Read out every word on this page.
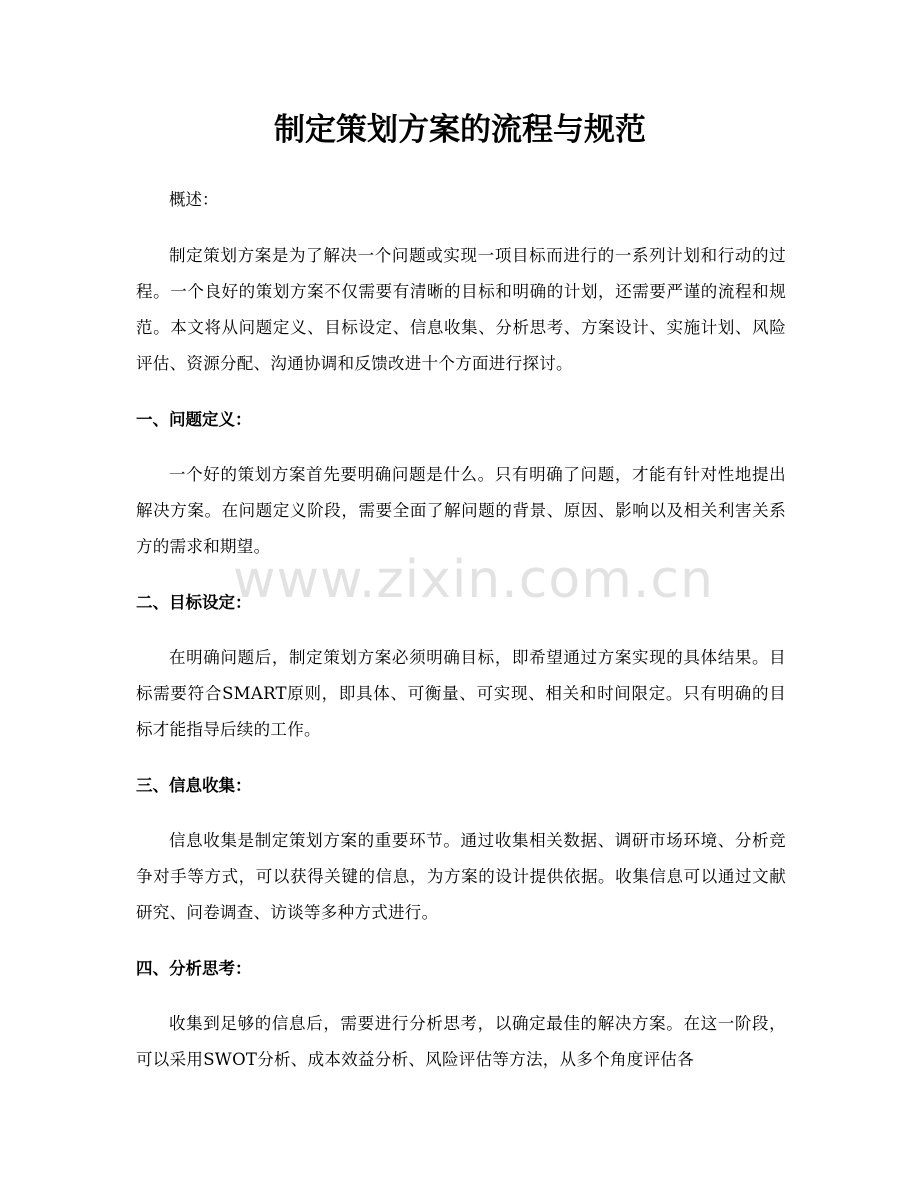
制定策划方案的流程与规范

概述：

制定策划方案是为了解决一个问题或实现一项目标而进行的一系列计划和行动的过程。一个良好的策划方案不仅需要有清晰的目标和明确的计划，还需要严谨的流程和规范。本文将从问题定义、目标设定、信息收集、分析思考、方案设计、实施计划、风险评估、资源分配、沟通协调和反馈改进十个方面进行探讨。

一、问题定义：

一个好的策划方案首先要明确问题是什么。只有明确了问题，才能有针对性地提出解决方案。在问题定义阶段，需要全面了解问题的背景、原因、影响以及相关利害关系方的需求和期望。

二、目标设定：

在明确问题后，制定策划方案必须明确目标，即希望通过方案实现的具体结果。目标需要符合SMART原则，即具体、可衡量、可实现、相关和时间限定。只有明确的目标才能指导后续的工作。

三、信息收集：

信息收集是制定策划方案的重要环节。通过收集相关数据、调研市场环境、分析竞争对手等方式，可以获得关键的信息，为方案的设计提供依据。收集信息可以通过文献研究、问卷调查、访谈等多种方式进行。

四、分析思考：

收集到足够的信息后，需要进行分析思考，以确定最佳的解决方案。在这一阶段，可以采用SWOT分析、成本效益分析、风险评估等方法，从多个角度评估各

www.zixin.com.cn
